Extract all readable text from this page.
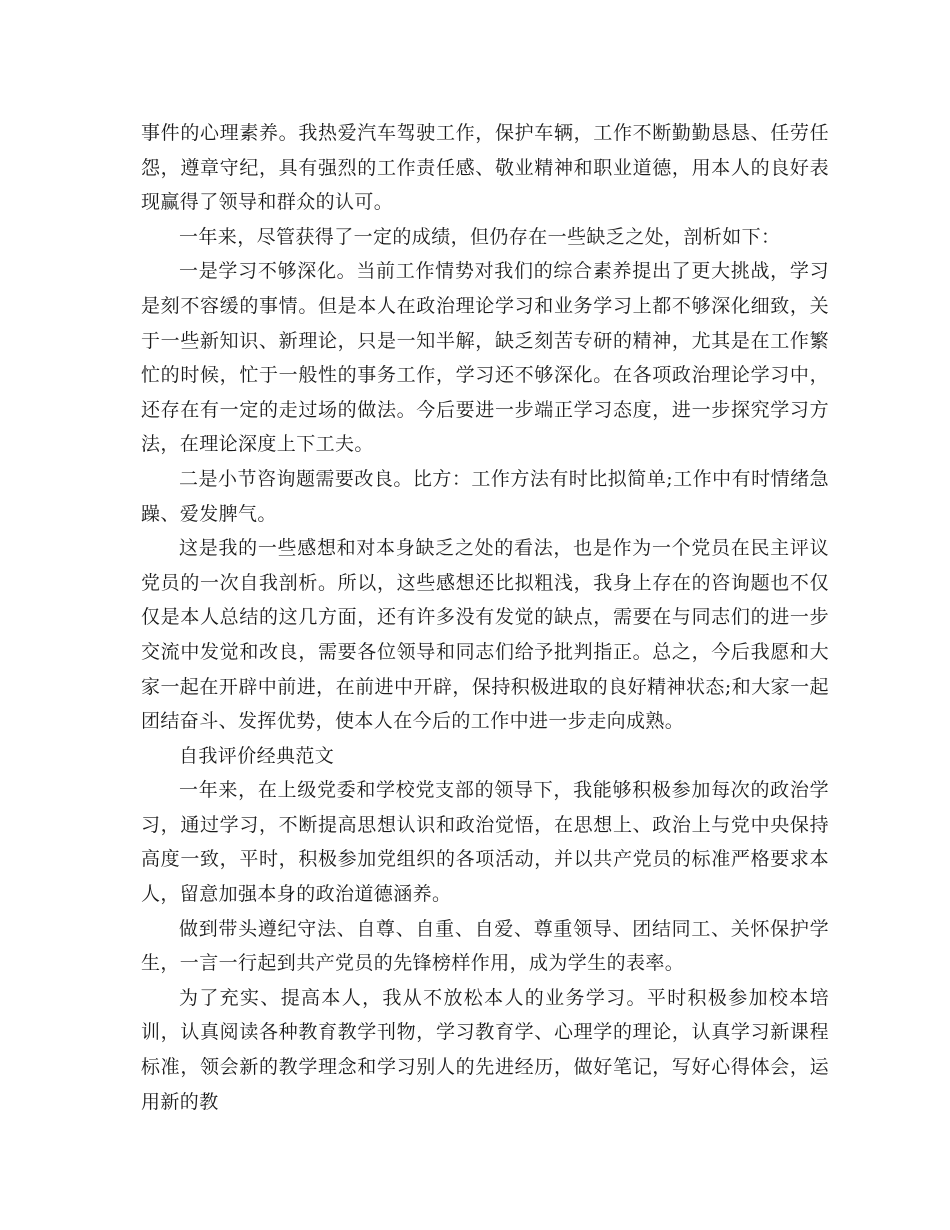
事件的心理素养。我热爱汽车驾驶工作，保护车辆，工作不断勤勤恳恳、任劳任怨，遵章守纪，具有强烈的工作责任感、敬业精神和职业道德，用本人的良好表现赢得了领导和群众的认可。

一年来，尽管获得了一定的成绩，但仍存在一些缺乏之处，剖析如下：

一是学习不够深化。当前工作情势对我们的综合素养提出了更大挑战，学习是刻不容缓的事情。但是本人在政治理论学习和业务学习上都不够深化细致，关于一些新知识、新理论，只是一知半解，缺乏刻苦专研的精神，尤其是在工作繁忙的时候，忙于一般性的事务工作，学习还不够深化。在各项政治理论学习中，还存在有一定的走过场的做法。今后要进一步端正学习态度，进一步探究学习方法，在理论深度上下工夫。

二是小节咨询题需要改良。比方：工作方法有时比拟简单;工作中有时情绪急躁、爱发脾气。

这是我的一些感想和对本身缺乏之处的看法，也是作为一个党员在民主评议党员的一次自我剖析。所以，这些感想还比拟粗浅，我身上存在的咨询题也不仅仅是本人总结的这几方面，还有许多没有发觉的缺点，需要在与同志们的进一步交流中发觉和改良，需要各位领导和同志们给予批判指正。总之，今后我愿和大家一起在开辟中前进，在前进中开辟，保持积极进取的良好精神状态;和大家一起团结奋斗、发挥优势，使本人在今后的工作中进一步走向成熟。

自我评价经典范文

一年来，在上级党委和学校党支部的领导下，我能够积极参加每次的政治学习，通过学习，不断提高思想认识和政治觉悟，在思想上、政治上与党中央保持高度一致，平时，积极参加党组织的各项活动，并以共产党员的标准严格要求本人，留意加强本身的政治道德涵养。

做到带头遵纪守法、自尊、自重、自爱、尊重领导、团结同工、关怀保护学生，一言一行起到共产党员的先锋榜样作用，成为学生的表率。

为了充实、提高本人，我从不放松本人的业务学习。平时积极参加校本培训，认真阅读各种教育教学刊物，学习教育学、心理学的理论，认真学习新课程标准，领会新的教学理念和学习别人的先进经历，做好笔记，写好心得体会，运用新的教
